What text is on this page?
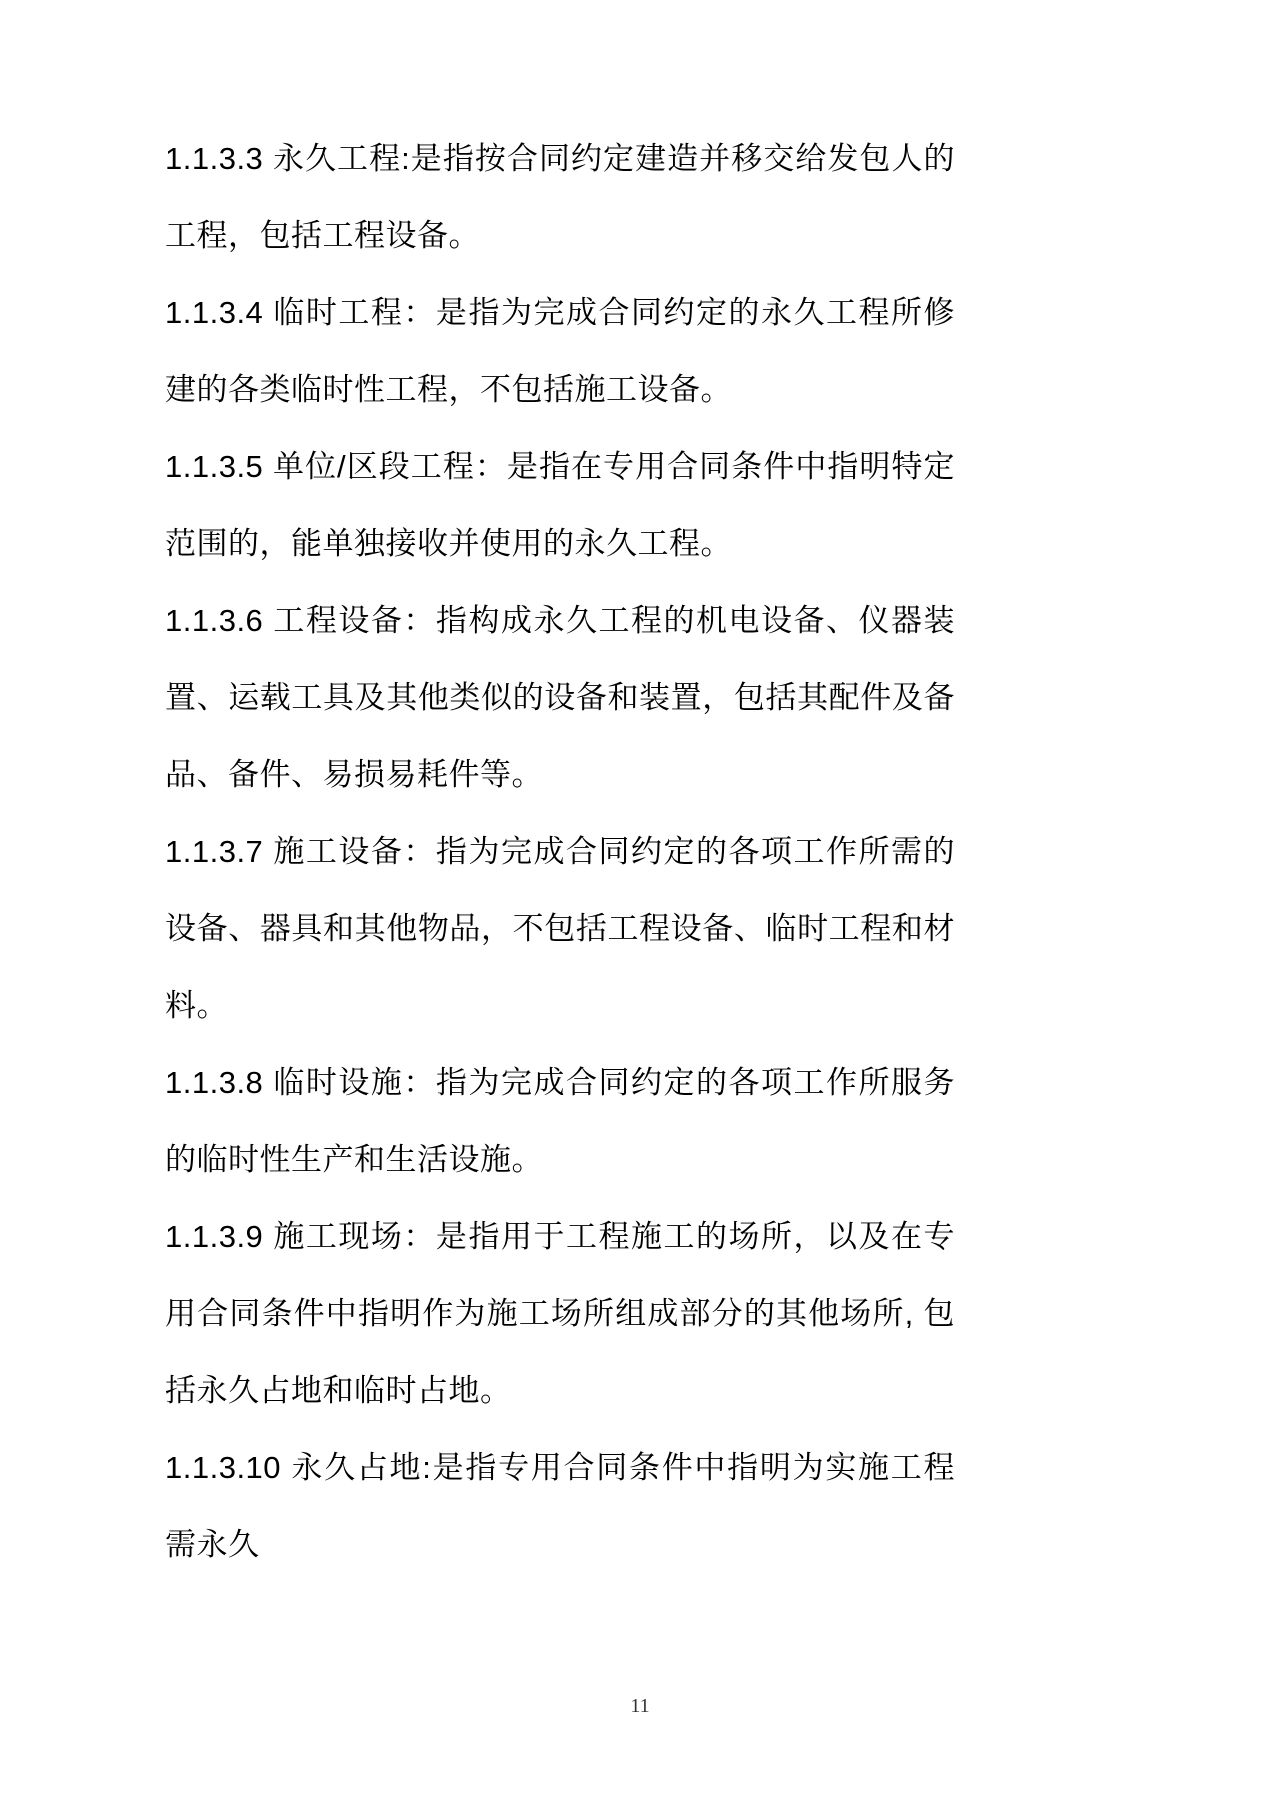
1.1.3.3 永久工程:是指按合同约定建造并移交给发包人的工程，包括工程设备。

1.1.3.4 临时工程：是指为完成合同约定的永久工程所修建的各类临时性工程，不包括施工设备。

1.1.3.5 单位/区段工程：是指在专用合同条件中指明特定范围的，能单独接收并使用的永久工程。

1.1.3.6 工程设备：指构成永久工程的机电设备、仪器装置、运载工具及其他类似的设备和装置，包括其配件及备品、备件、易损易耗件等。

1.1.3.7 施工设备：指为完成合同约定的各项工作所需的设备、器具和其他物品，不包括工程设备、临时工程和材料。

1.1.3.8 临时设施：指为完成合同约定的各项工作所服务的临时性生产和生活设施。

1.1.3.9 施工现场：是指用于工程施工的场所，以及在专用合同条件中指明作为施工场所组成部分的其他场所, 包括永久占地和临时占地。

1.1.3.10 永久占地:是指专用合同条件中指明为实施工程需永久

11
